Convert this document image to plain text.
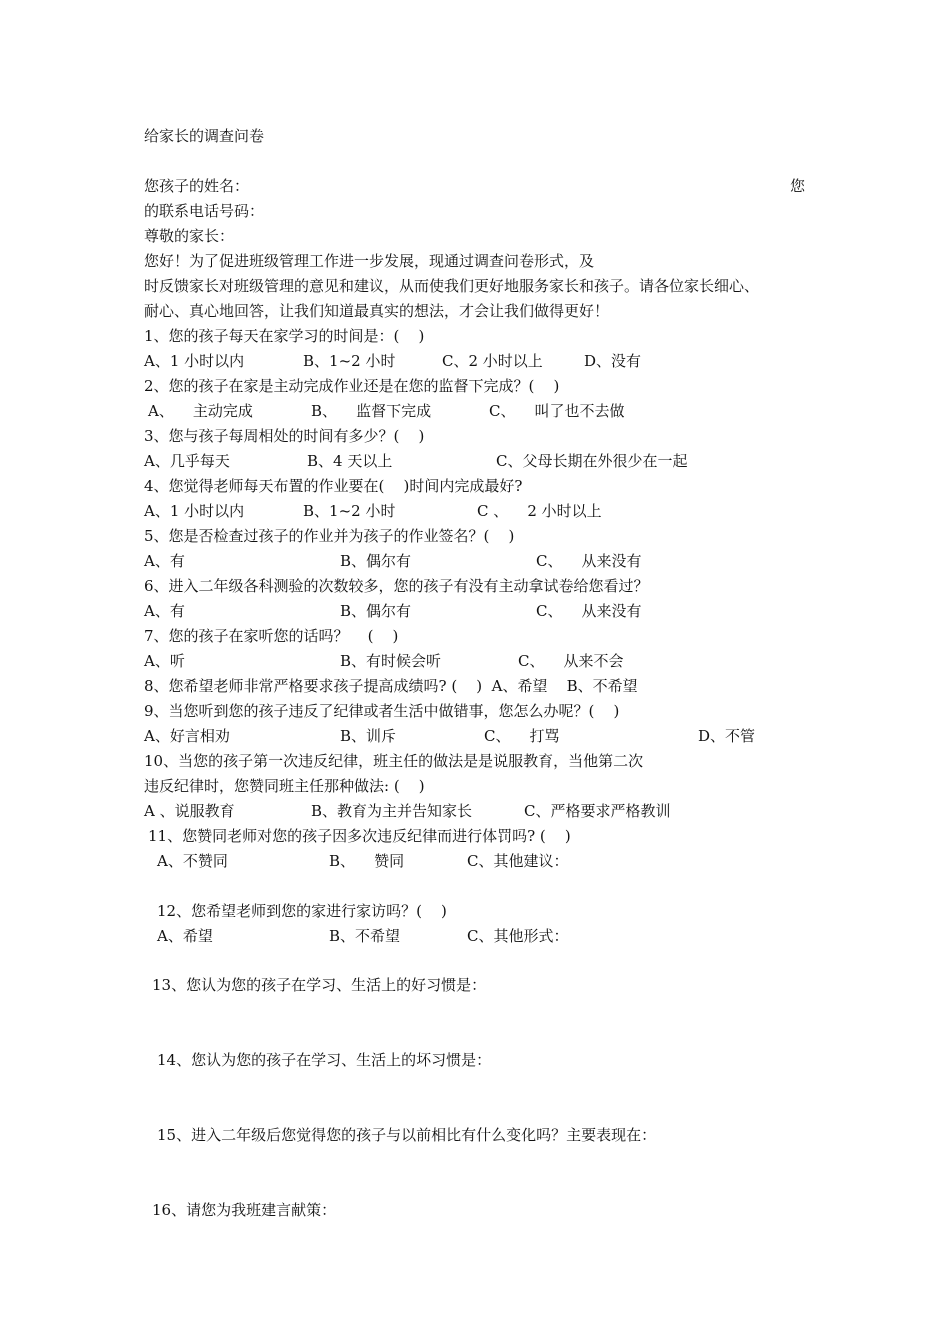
给家长的调查问卷
您孩子的姓名：	您
的联系电话号码：
尊敬的家长：
您好！为了促进班级管理工作进一步发展，现通过调查问卷形式，及
时反馈家长对班级管理的意见和建议，从而使我们更好地服务家长和孩子。请各位家长细心、
耐心、真心地回答，让我们知道最真实的想法，才会让我们做得更好！
1、您的孩子每天在家学习的时间是：(    )

A、1 小时以内

	B、1~2 小时

	C、2 小时以上

	D、没有

2、您的孩子在家是主动完成作业还是在您的监督下完成？(    )

A、    主动完成

	B、    监督下完成

	C、    叫了也不去做

3、您与孩子每周相处的时间有多少？(    )

A、几乎每天

	B、4 天以上

	C、父母长期在外很少在一起

4、您觉得老师每天布置的作业要在(    )时间内完成最好?

A、1 小时以内

	B、1~2 小时

	C 、    2 小时以上

5、您是否检查过孩子的作业并为孩子的作业签名？(    )

A、有

	B、偶尔有

	C、    从来没有

6、进入二年级各科测验的次数较多，您的孩子有没有主动拿试卷给您看过？

A、有

	B、偶尔有

	C、    从来没有

7、您的孩子在家听您的话吗？    (    )

A、听

	B、有时候会听

	C、    从来不会

8、您希望老师非常严格要求孩子提高成绩吗? (    )  A、希望    B、不希望
9、当您听到您的孩子违反了纪律或者生活中做错事，您怎么办呢？(    )

A、好言相劝

	B、训斥

	C、    打骂

	D、不管

10、当您的孩子第一次违反纪律，班主任的做法是是说服教育，当他第二次
违反纪律时，您赞同班主任那种做法: (    )

A 、说服教育

	B、教育为主并告知家长

	C、严格要求严格教训

11、您赞同老师对您的孩子因多次违反纪律而进行体罚吗? (    )

A、不赞同

	B、    赞同

	C、其他建议：

12、您希望老师到您的家进行家访吗？(    )

A、希望

	B、不希望

	C、其他形式：

13、您认为您的孩子在学习、生活上的好习惯是：
14、您认为您的孩子在学习、生活上的坏习惯是：
15、进入二年级后您觉得您的孩子与以前相比有什么变化吗？主要表现在：
16、请您为我班建言献策：
